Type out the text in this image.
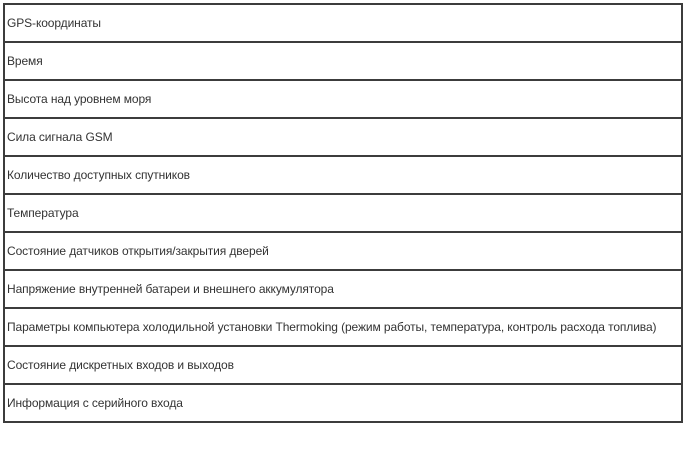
GPS-координаты
Время
Высота над уровнем моря
Сила сигнала GSM
Количество доступных спутников
Температура
Состояние датчиков открытия/закрытия дверей
Напряжение внутренней батареи и внешнего аккумулятора
Параметры компьютера холодильной установки Thermoking (режим работы, температура, контроль расхода топлива)
Состояние дискретных входов и выходов
Информация с серийного входа
